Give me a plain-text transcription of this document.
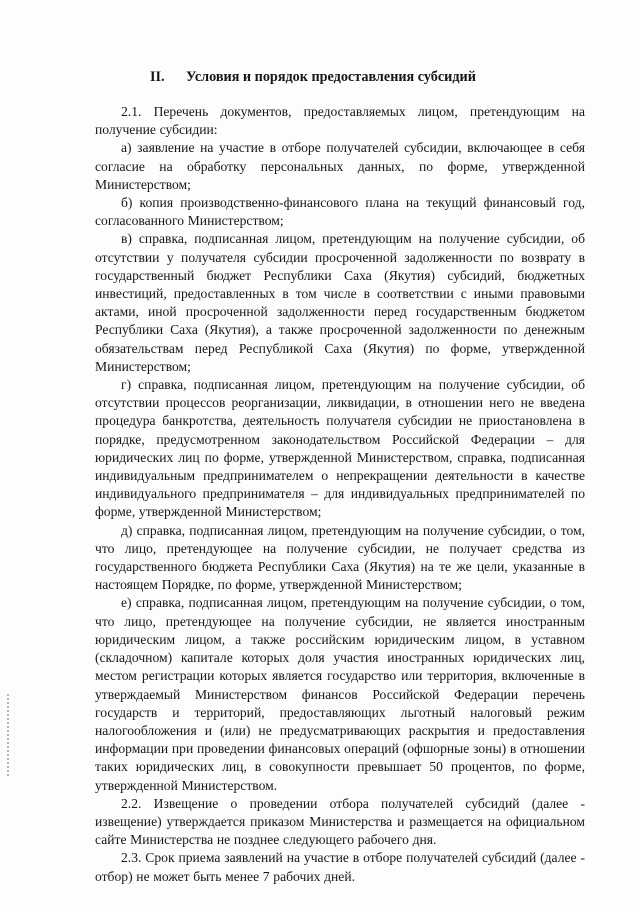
II. Условия и порядок предоставления субсидий

2.1. Перечень документов, предоставляемых лицом, претендующим на получение субсидии:

а) заявление на участие в отборе получателей субсидии, включающее в себя согласие на обработку персональных данных, по форме, утвержденной Министерством;

б) копия производственно-финансового плана на текущий финансовый год, согласованного Министерством;

в) справка, подписанная лицом, претендующим на получение субсидии, об отсутствии у получателя субсидии просроченной задолженности по возврату в государственный бюджет Республики Саха (Якутия) субсидий, бюджетных инвестиций, предоставленных в том числе в соответствии с иными правовыми актами, иной просроченной задолженности перед государственным бюджетом Республики Саха (Якутия), а также просроченной задолженности по денежным обязательствам перед Республикой Саха (Якутия) по форме, утвержденной Министерством;

г) справка, подписанная лицом, претендующим на получение субсидии, об отсутствии процессов реорганизации, ликвидации, в отношении него не введена процедура банкротства, деятельность получателя субсидии не приостановлена в порядке, предусмотренном законодательством Российской Федерации – для юридических лиц по форме, утвержденной Министерством, справка, подписанная индивидуальным предпринимателем о непрекращении деятельности в качестве индивидуального предпринимателя – для индивидуальных предпринимателей по форме, утвержденной Министерством;

д) справка, подписанная лицом, претендующим на получение субсидии, о том, что лицо, претендующее на получение субсидии, не получает средства из государственного бюджета Республики Саха (Якутия) на те же цели, указанные в настоящем Порядке, по форме, утвержденной Министерством;

е) справка, подписанная лицом, претендующим на получение субсидии, о том, что лицо, претендующее на получение субсидии, не является иностранным юридическим лицом, а также российским юридическим лицом, в уставном (складочном) капитале которых доля участия иностранных юридических лиц, местом регистрации которых является государство или территория, включенные в утверждаемый Министерством финансов Российской Федерации перечень государств и территорий, предоставляющих льготный налоговый режим налогообложения и (или) не предусматривающих раскрытия и предоставления информации при проведении финансовых операций (офшорные зоны) в отношении таких юридических лиц, в совокупности превышает 50 процентов, по форме, утвержденной Министерством.

2.2. Извещение о проведении отбора получателей субсидий (далее - извещение) утверждается приказом Министерства и размещается на официальном сайте Министерства не позднее следующего рабочего дня.

2.3. Срок приема заявлений на участие в отборе получателей субсидий (далее - отбор) не может быть менее 7 рабочих дней.
